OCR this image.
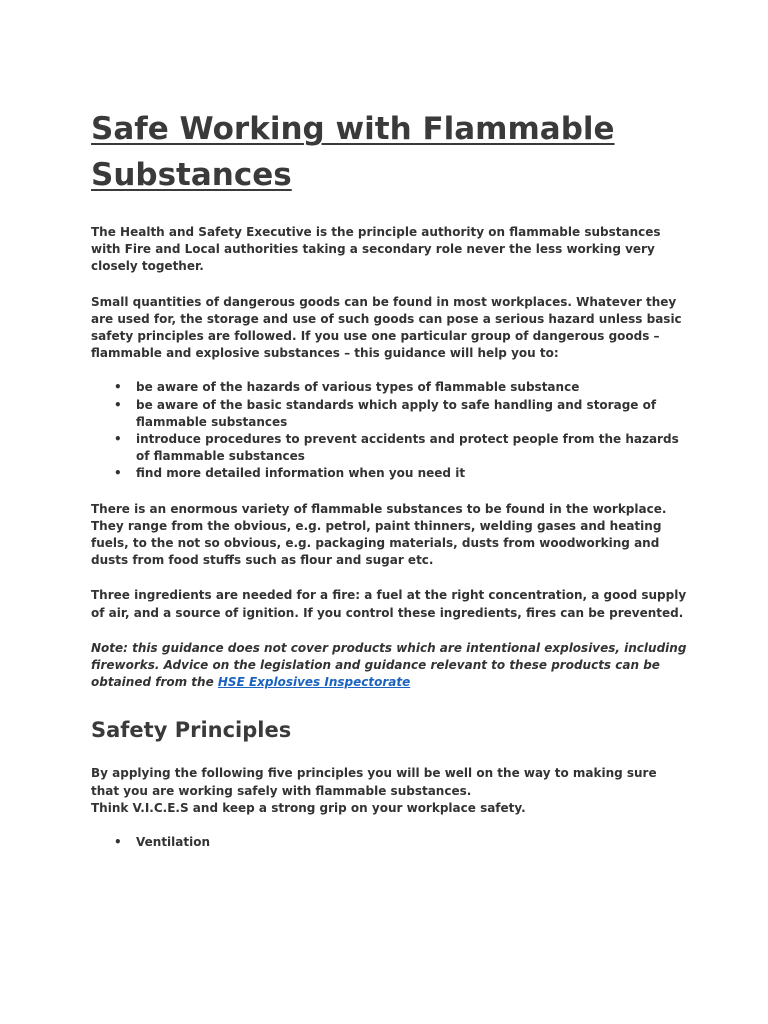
Safe Working with Flammable Substances

The Health and Safety Executive is the principle authority on flammable substances with Fire and Local authorities taking a secondary role never the less working very closely together.

Small quantities of dangerous goods can be found in most workplaces. Whatever they are used for, the storage and use of such goods can pose a serious hazard unless basic safety principles are followed. If you use one particular group of dangerous goods – flammable and explosive substances – this guidance will help you to:

• be aware of the hazards of various types of flammable substance
• be aware of the basic standards which apply to safe handling and storage of flammable substances
• introduce procedures to prevent accidents and protect people from the hazards of flammable substances
• find more detailed information when you need it

There is an enormous variety of flammable substances to be found in the workplace. They range from the obvious, e.g. petrol, paint thinners, welding gases and heating fuels, to the not so obvious, e.g. packaging materials, dusts from woodworking and dusts from food stuffs such as flour and sugar etc.

Three ingredients are needed for a fire: a fuel at the right concentration, a good supply of air, and a source of ignition. If you control these ingredients, fires can be prevented.

Note: this guidance does not cover products which are intentional explosives, including fireworks. Advice on the legislation and guidance relevant to these products can be obtained from the HSE Explosives Inspectorate

Safety Principles

By applying the following five principles you will be well on the way to making sure that you are working safely with flammable substances.
Think V.I.C.E.S and keep a strong grip on your workplace safety.

• Ventilation
